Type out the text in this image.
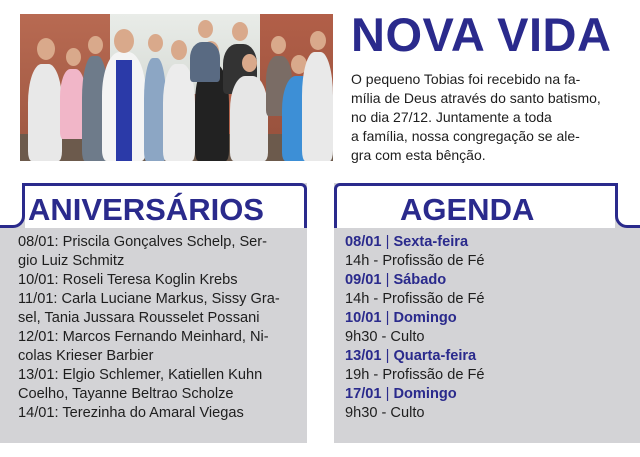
NOVA VIDA
O pequeno Tobias foi recebido na fa-
mília de Deus através do santo batismo,
no dia 27/12. Juntamente a toda
a família, nossa congregação se ale-
gra com esta bênção.
ANIVERSÁRIOS	AGENDA
08/01: Priscila Gonçalves Schelp, Ser-
gio Luiz Schmitz
10/01: Roseli Teresa Koglin Krebs
11/01: Carla Luciane Markus, Sissy Gra-
sel, Tania Jussara Rousselet Possani
12/01: Marcos Fernando Meinhard, Ni-
colas Krieser Barbier
13/01: Elgio Schlemer, Katiellen Kuhn
Coelho, Tayanne Beltrao Scholze
14/01: Terezinha do Amaral Viegas
08/01 | Sexta-feira
14h - Profissão de Fé
09/01 | Sábado
14h - Profissão de Fé
10/01 | Domingo
9h30 - Culto
13/01 | Quarta-feira
19h - Profissão de Fé
17/01 | Domingo
9h30 - Culto
